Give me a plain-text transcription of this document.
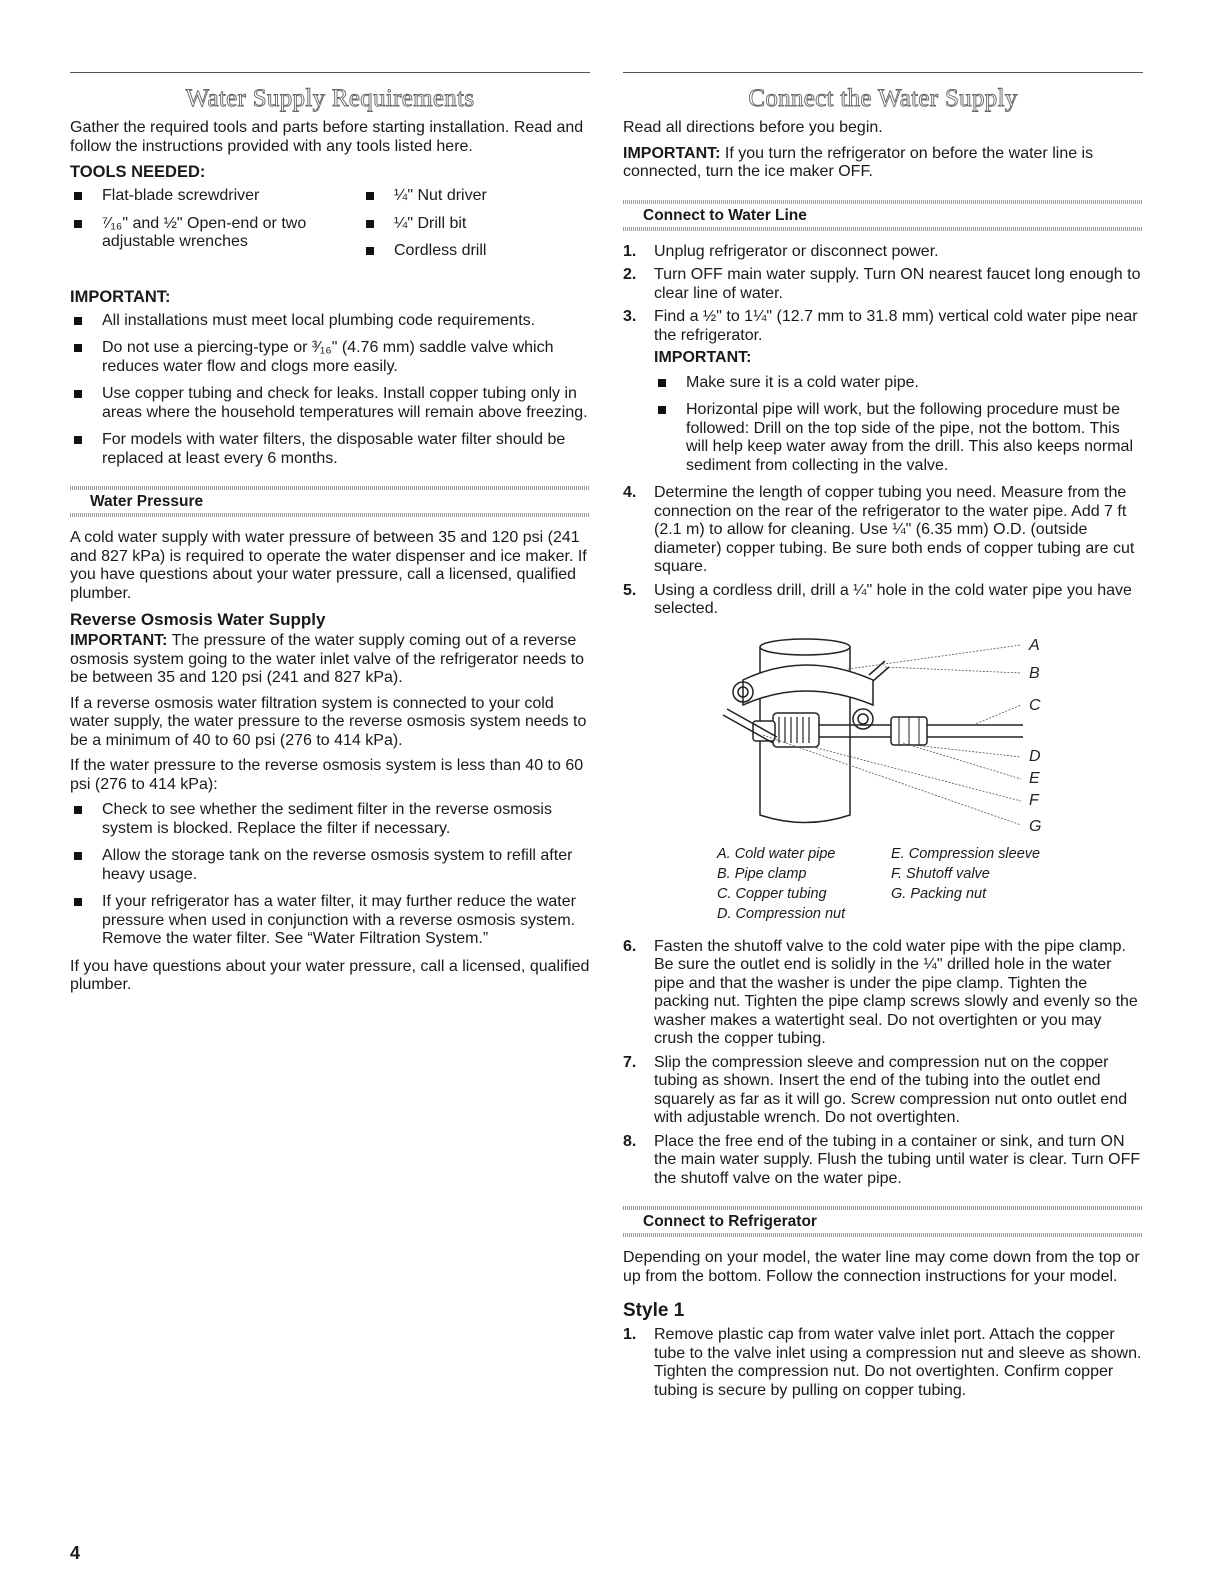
Water Supply Requirements

Gather the required tools and parts before starting installation. Read and follow the instructions provided with any tools listed here.

TOOLS NEEDED:
Flat-blade screwdriver
⁷⁄₁₆" and ½" Open-end or two adjustable wrenches
¼" Nut driver
¼" Drill bit
Cordless drill
IMPORTANT:
All installations must meet local plumbing code requirements.
Do not use a piercing-type or ³⁄₁₆" (4.76 mm) saddle valve which reduces water flow and clogs more easily.
Use copper tubing and check for leaks. Install copper tubing only in areas where the household temperatures will remain above freezing.
For models with water filters, the disposable water filter should be replaced at least every 6 months.
Water Pressure

A cold water supply with water pressure of between 35 and 120 psi (241 and 827 kPa) is required to operate the water dispenser and ice maker. If you have questions about your water pressure, call a licensed, qualified plumber.

Reverse Osmosis Water Supply

IMPORTANT: The pressure of the water supply coming out of a reverse osmosis system going to the water inlet valve of the refrigerator needs to be between 35 and 120 psi (241 and 827 kPa).

If a reverse osmosis water filtration system is connected to your cold water supply, the water pressure to the reverse osmosis system needs to be a minimum of 40 to 60 psi (276 to 414 kPa).

If the water pressure to the reverse osmosis system is less than 40 to 60 psi (276 to 414 kPa):

Check to see whether the sediment filter in the reverse osmosis system is blocked. Replace the filter if necessary.
Allow the storage tank on the reverse osmosis system to refill after heavy usage.
If your refrigerator has a water filter, it may further reduce the water pressure when used in conjunction with a reverse osmosis system. Remove the water filter. See “Water Filtration System.”

If you have questions about your water pressure, call a licensed, qualified plumber.

Connect the Water Supply

Read all directions before you begin.

IMPORTANT: If you turn the refrigerator on before the water line is connected, turn the ice maker OFF.

Connect to Water Line
1. Unplug refrigerator or disconnect power.
2. Turn OFF main water supply. Turn ON nearest faucet long enough to clear line of water.
3. Find a ½" to 1¼" (12.7 mm to 31.8 mm) vertical cold water pipe near the refrigerator.
IMPORTANT:
Make sure it is a cold water pipe.
Horizontal pipe will work, but the following procedure must be followed: Drill on the top side of the pipe, not the bottom. This will help keep water away from the drill. This also keeps normal sediment from collecting in the valve.
4. Determine the length of copper tubing you need. Measure from the connection on the rear of the refrigerator to the water pipe. Add 7 ft (2.1 m) to allow for cleaning. Use ¼" (6.35 mm) O.D. (outside diameter) copper tubing. Be sure both ends of copper tubing are cut square.
5. Using a cordless drill, drill a ¼" hole in the cold water pipe you have selected.
A
B
C
D
E
F
G
A. Cold water pipe	E. Compression sleeve
B. Pipe clamp	F. Shutoff valve
C. Copper tubing	G. Packing nut
D. Compression nut
6. Fasten the shutoff valve to the cold water pipe with the pipe clamp. Be sure the outlet end is solidly in the ¼" drilled hole in the water pipe and that the washer is under the pipe clamp. Tighten the packing nut. Tighten the pipe clamp screws slowly and evenly so the washer makes a watertight seal. Do not overtighten or you may crush the copper tubing.
7. Slip the compression sleeve and compression nut on the copper tubing as shown. Insert the end of the tubing into the outlet end squarely as far as it will go. Screw compression nut onto outlet end with adjustable wrench. Do not overtighten.
8. Place the free end of the tubing in a container or sink, and turn ON the main water supply. Flush the tubing until water is clear. Turn OFF the shutoff valve on the water pipe.
Connect to Refrigerator

Depending on your model, the water line may come down from the top or up from the bottom. Follow the connection instructions for your model.

Style 1
1. Remove plastic cap from water valve inlet port. Attach the copper tube to the valve inlet using a compression nut and sleeve as shown. Tighten the compression nut. Do not overtighten. Confirm copper tubing is secure by pulling on copper tubing.
4
